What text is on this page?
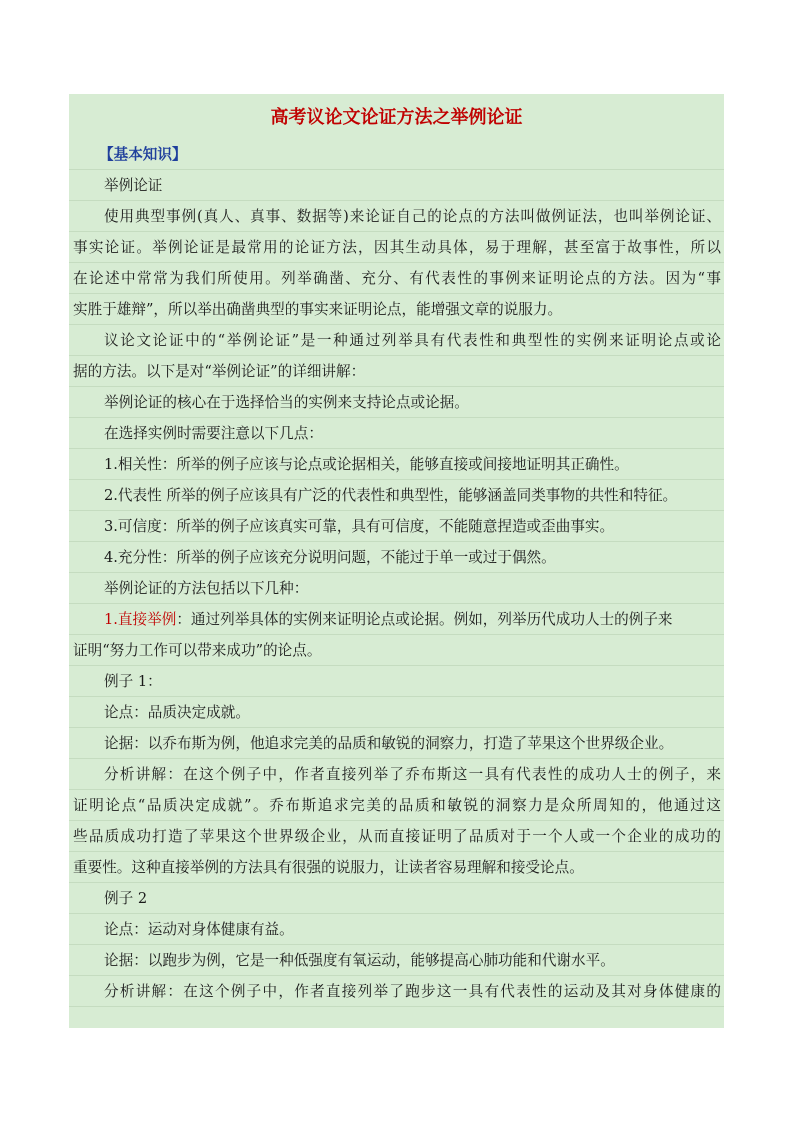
高考议论文论证方法之举例论证
【基本知识】
举例论证
使用典型事例(真人、真事、数据等)来论证自己的论点的方法叫做例证法，也叫举例论证、
事实论证。举例论证是最常用的论证方法，因其生动具体，易于理解，甚至富于故事性，所以
在论述中常常为我们所使用。列举确凿、充分、有代表性的事例来证明论点的方法。因为“事
实胜于雄辩”，所以举出确凿典型的事实来证明论点，能增强文章的说服力。
议论文论证中的“举例论证”是一种通过列举具有代表性和典型性的实例来证明论点或论
据的方法。以下是对“举例论证”的详细讲解：
举例论证的核心在于选择恰当的实例来支持论点或论据。
在选择实例时需要注意以下几点：
1.相关性：所举的例子应该与论点或论据相关，能够直接或间接地证明其正确性。
2.代表性 所举的例子应该具有广泛的代表性和典型性，能够涵盖同类事物的共性和特征。
3.可信度：所举的例子应该真实可靠，具有可信度，不能随意捏造或歪曲事实。
4.充分性：所举的例子应该充分说明问题，不能过于单一或过于偶然。
举例论证的方法包括以下几种：
1.直接举例：通过列举具体的实例来证明论点或论据。例如，列举历代成功人士的例子来
证明“努力工作可以带来成功”的论点。
例子 1：
论点：品质决定成就。
论据：以乔布斯为例，他追求完美的品质和敏锐的洞察力，打造了苹果这个世界级企业。
分析讲解：在这个例子中，作者直接列举了乔布斯这一具有代表性的成功人士的例子，来
证明论点“品质决定成就”。乔布斯追求完美的品质和敏锐的洞察力是众所周知的，他通过这
些品质成功打造了苹果这个世界级企业，从而直接证明了品质对于一个人或一个企业的成功的
重要性。这种直接举例的方法具有很强的说服力，让读者容易理解和接受论点。
例子 2
论点：运动对身体健康有益。
论据：以跑步为例，它是一种低强度有氧运动，能够提高心肺功能和代谢水平。
分析讲解：在这个例子中，作者直接列举了跑步这一具有代表性的运动及其对身体健康的
